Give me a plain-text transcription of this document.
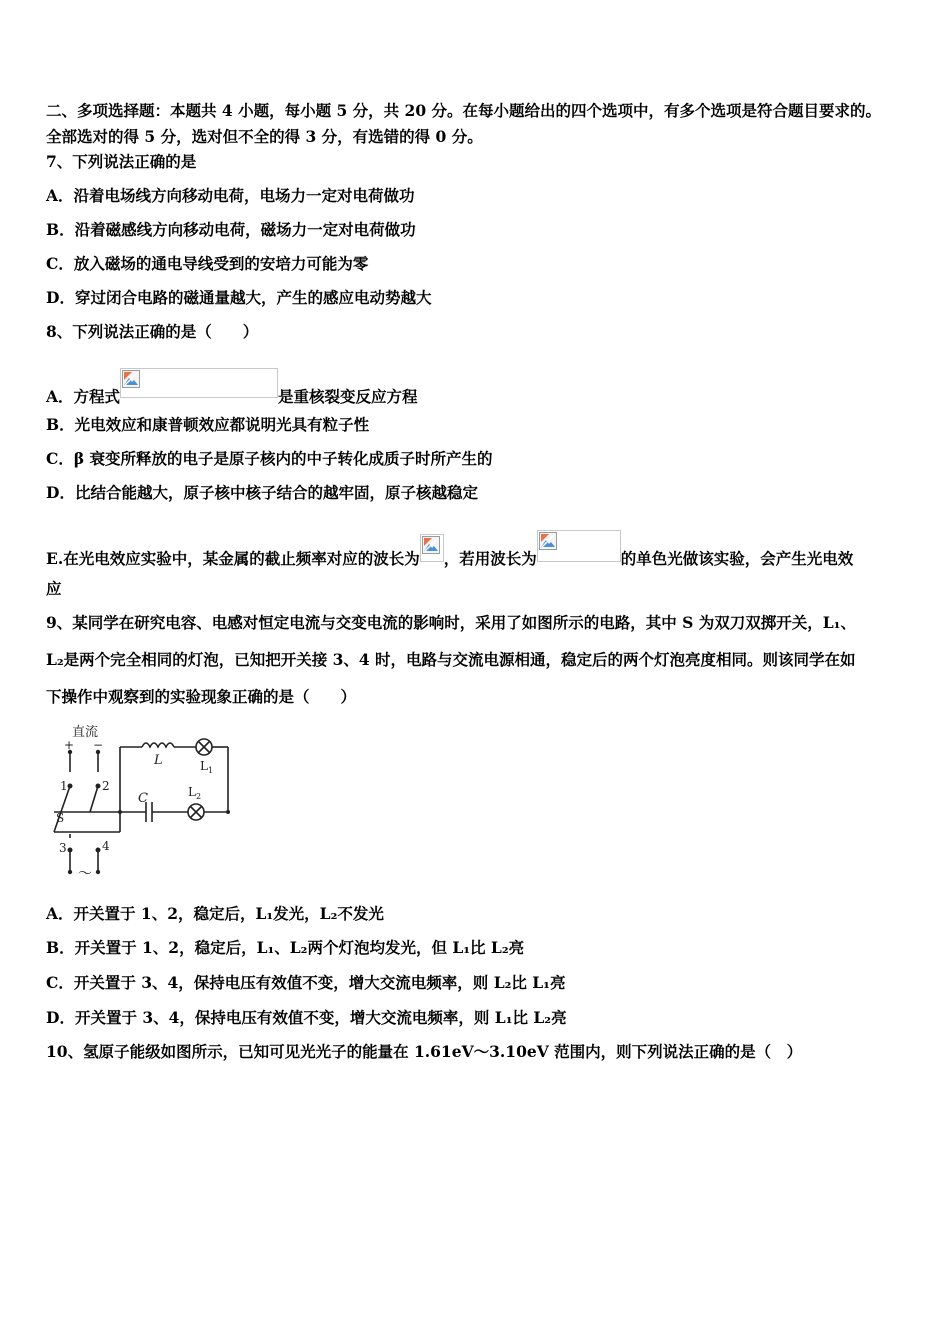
二、多项选择题：本题共 4 小题，每小题 5 分，共 20 分。在每小题给出的四个选项中，有多个选项是符合题目要求的。
全部选对的得 5 分，选对但不全的得 3 分，有选错的得 0 分。
7、下列说法正确的是
A．沿着电场线方向移动电荷，电场力一定对电荷做功
B．沿着磁感线方向移动电荷，磁场力一定对电荷做功
C．放入磁场的通电导线受到的安培力可能为零
D．穿过闭合电路的磁通量越大，产生的感应电动势越大
8、下列说法正确的是（　　）
A．方程式	是重核裂变反应方程
B．光电效应和康普顿效应都说明光具有粒子性
C．β 衰变所释放的电子是原子核内的中子转化成质子时所产生的
D．比结合能越大，原子核中核子结合的越牢固，原子核越稳定
E.在光电效应实验中，某金属的截止频率对应的波长为 ，若用波长为	的单色光做该实验，会产生光电效
应
9、某同学在研究电容、电感对恒定电流与交变电流的影响时，采用了如图所示的电路，其中 S 为双刀双掷开关，L₁、
L₂是两个完全相同的灯泡，已知把开关接 3、4 时，电路与交流电源相通，稳定后的两个灯泡亮度相同。则该同学在如
下操作中观察到的实验现象正确的是（　　）
直流
+ −
1	2
S
3	4
L	$L_1$
C	$L_2$
～
A．开关置于 1、2，稳定后，L₁发光，L₂不发光
B．开关置于 1、2，稳定后，L₁、L₂两个灯泡均发光，但 L₁比 L₂亮
C．开关置于 3、4，保持电压有效值不变，增大交流电频率，则 L₂比 L₁亮
D．开关置于 3、4，保持电压有效值不变，增大交流电频率，则 L₁比 L₂亮
10、氢原子能级如图所示，已知可见光光子的能量在 1.61eV～3.10eV 范围内，则下列说法正确的是（　）
